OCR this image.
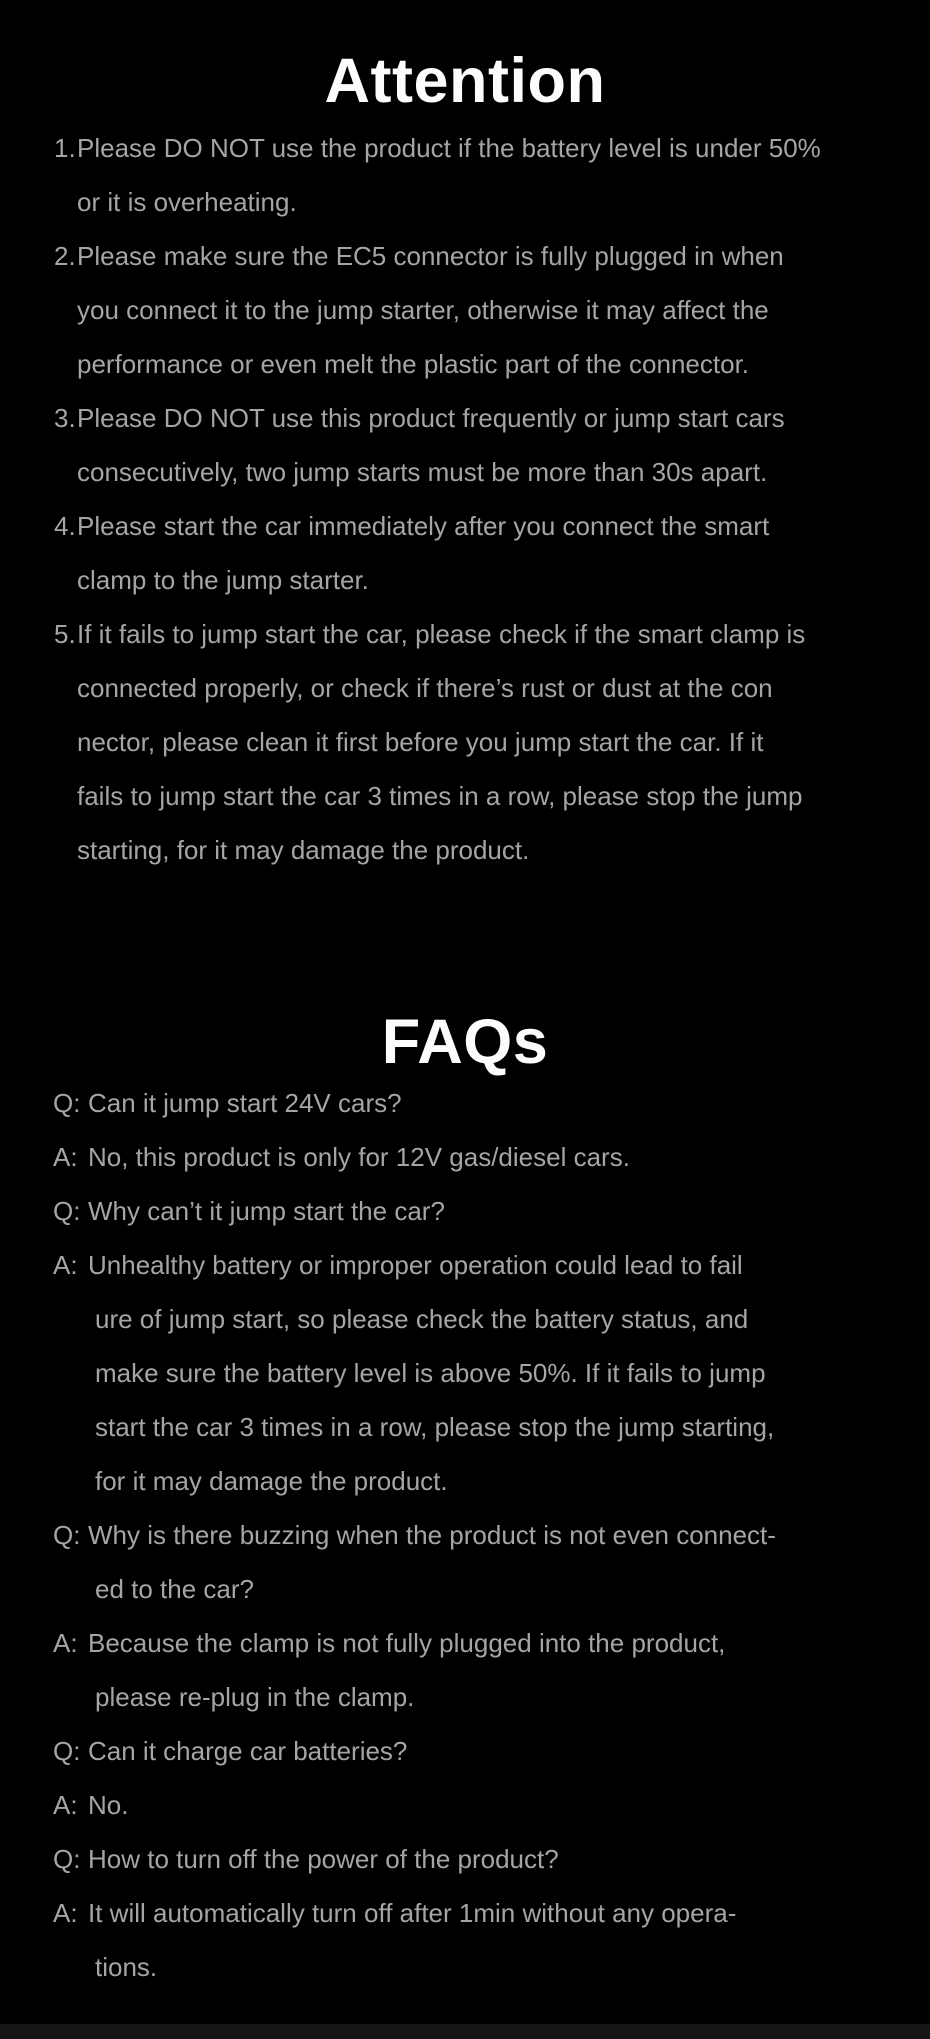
Attention
1. Please DO NOT use the product if the battery level is under 50%
or it is overheating.
2. Please make sure the EC5 connector is fully plugged in when
you connect it to the jump starter, otherwise it may affect the
performance or even melt the plastic part of the connector.
3. Please DO NOT use this product frequently or jump start cars
consecutively, two jump starts must be more than 30s apart.
4. Please start the car immediately after you connect the smart
clamp to the jump starter.
5. If it fails to jump start the car, please check if the smart clamp is
connected properly, or check if there’s rust or dust at the con
nector, please clean it first before you jump start the car. If it
fails to jump start the car 3 times in a row, please stop the jump
starting, for it may damage the product.
FAQs
Q: Can it jump start 24V cars?
A: No, this product is only for 12V gas/diesel cars.
Q: Why can’t it jump start the car?
A: Unhealthy battery or improper operation could lead to fail
ure of jump start, so please check the battery status, and
make sure the battery level is above 50%. If it fails to jump
start the car 3 times in a row, please stop the jump starting,
for it may damage the product.
Q: Why is there buzzing when the product is not even connect-
ed to the car?
A: Because the clamp is not fully plugged into the product,
please re-plug in the clamp.
Q: Can it charge car batteries?
A: No.
Q: How to turn off the power of the product?
A: It will automatically turn off after 1min without any opera-
tions.
